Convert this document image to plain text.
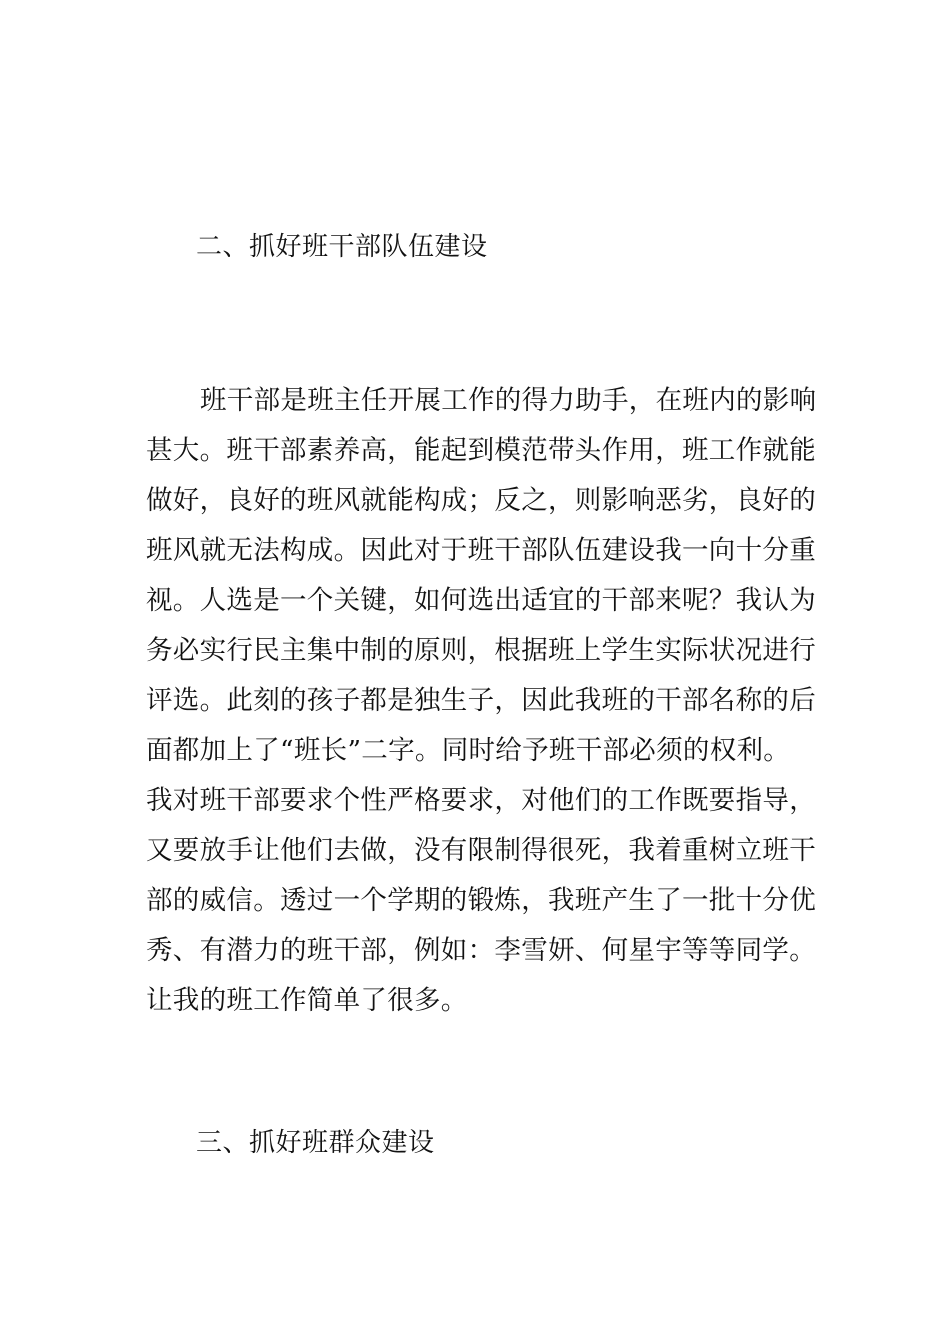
二、抓好班干部队伍建设
班干部是班主任开展工作的得力助手，在班内的影响
甚大。班干部素养高，能起到模范带头作用，班工作就能
做好，良好的班风就能构成；反之，则影响恶劣，良好的
班风就无法构成。因此对于班干部队伍建设我一向十分重
视。人选是一个关键，如何选出适宜的干部来呢？我认为
务必实行民主集中制的原则，根据班上学生实际状况进行
评选。此刻的孩子都是独生子，因此我班的干部名称的后
面都加上了“班长”二字。同时给予班干部必须的权利。
我对班干部要求个性严格要求，对他们的工作既要指导，
又要放手让他们去做，没有限制得很死，我着重树立班干
部的威信。透过一个学期的锻炼，我班产生了一批十分优
秀、有潜力的班干部，例如：李雪妍、何星宇等等同学。
让我的班工作简单了很多。
三、抓好班群众建设
